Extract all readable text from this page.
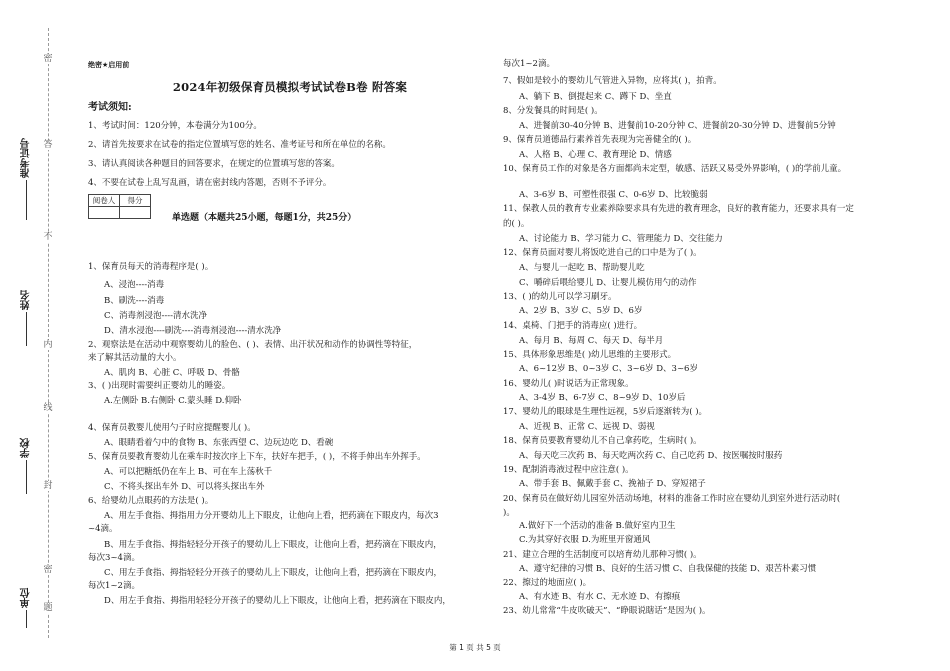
密
答
不
内
线
封
密
题
准考证号
姓名
学校
单位
绝密★启用前
2024年初级保育员模拟考试试卷B卷 附答案
考试须知:
1、考试时间：120分钟，本卷满分为100分。
2、请首先按要求在试卷的指定位置填写您的姓名、准考证号和所在单位的名称。
3、请认真阅读各种题目的回答要求，在规定的位置填写您的答案。
4、不要在试卷上乱写乱画，请在密封线内答题，否则不予评分。
阅卷人	得分

单选题（本题共25小题，每题1分，共25分）
1、保育员每天的消毒程序是( )。
A、浸泡----消毒
B、刷洗----消毒
C、消毒剂浸泡----清水洗净
D、清水浸泡----刷洗----消毒剂浸泡----清水洗净
2、观察法是在活动中观察婴幼儿的脸色、( )、表情、出汗状况和动作的协调性等特征，
来了解其活动量的大小。
A、肌肉 B、心脏 C、呼吸 D、骨骼
3、( )出现时需要纠正婴幼儿的睡姿。
A.左侧卧 B.右侧卧 C.蒙头睡 D.仰卧
4、保育员教婴儿使用勺子时应提醒婴儿( )。
A、眼睛看着勺中的食物 B、东张西望 C、边玩边吃 D、看碗
5、保育员要教育婴幼儿在乘车时按次序上下车，扶好车把手，( )，不将手伸出车外挥手。
A、可以把糖纸仍在车上 B、可在车上荡秋千
C、不将头探出车外 D、可以将头探出车外
6、给婴幼儿点眼药的方法是( )。
A、用左手食指、拇指用力分开婴幼儿上下眼皮，让他向上看，把药滴在下眼皮内，每次3
~4滴。
B、用左手食指、拇指轻轻分开孩子的婴幼儿上下眼皮，让他向上看，把药滴在下眼皮内，
每次3~4滴。
C、用左手食指、拇指轻轻分开孩子的婴幼儿上下眼皮，让他向上看，把药滴在下眼皮内，
每次1~2滴。
D、用左手食指、拇指用轻轻分开孩子的婴幼儿上下眼皮，让他向上看，把药滴在下眼皮内，
每次1~2滴。
7、假如是较小的婴幼儿气管进入异物，应将其( )，拍背。
A、躺下 B、倒提起来 C、蹲下 D、坐直
8、分发餐具的时间是( )。
A、进餐前30-40分钟 B、进餐前10-20分钟 C、进餐前20-30分钟 D、进餐前5分钟
9、保育员道德品行素养首先表现为完善健全的( )。
A、人格 B、心理 C、教育理论 D、情感
10、保育员工作的对象是各方面都尚未定型，敏感、活跃又易受外界影响，( )的学前儿童。
A、3-6岁 B、可塑性很强 C、0-6岁 D、比较脆弱
11、保教人员的教育专业素养除要求具有先进的教育理念，良好的教育能力，还要求具有一定
的( )。
A、讨论能力 B、学习能力 C、管理能力 D、交往能力
12、保育员面对婴儿将饭吃进自己的口中是为了( )。
A、与婴儿一起吃 B、帮助婴儿吃
C、嚼碎后喂给婴儿 D、让婴儿模仿用勺的动作
13、( )的幼儿可以学习刷牙。
A、2岁 B、3岁 C、5岁 D、6岁
14、桌椅、门把手的消毒应( )进行。
A、每月 B、每周 C、每天 D、每半月
15、具体形象思维是( )幼儿思维的主要形式。
A、6~12岁 B、0~3岁 C、3~6岁 D、3~6岁
16、婴幼儿( )时说话为正常现象。
A、3-4岁 B、6-7岁 C、8~9岁 D、10岁后
17、婴幼儿的眼球是生理性远视，5岁后逐渐转为( )。
A、近视 B、正常 C、远视 D、弱视
18、保育员要教育婴幼儿不自己拿药吃，生病时( )。
A、每天吃三次药 B、每天吃两次药 C、自己吃药 D、按医嘱按时服药
19、配制消毒液过程中应注意( )。
A、带手套 B、佩戴手套 C、挽袖子 D、穿短裙子
20、保育员在做好幼儿园室外活动场地，材料的准备工作时应在婴幼儿到室外进行活动时(
)。
A.做好下一个活动的准备 B.做好室内卫生
C.为其穿好衣服 D.为班里开窗通风
21、建立合理的生活制度可以培育幼儿那种习惯( )。
A、遵守纪律的习惯 B、良好的生活习惯 C、自我保健的技能 D、艰苦朴素习惯
22、擦过的地面应( )。
A、有水迹 B、有水 C、无水迹 D、有擦痕
23、幼儿常常“牛皮吹破天”、“睁眼说瞎话”是因为( )。
第 1 页 共 5 页
